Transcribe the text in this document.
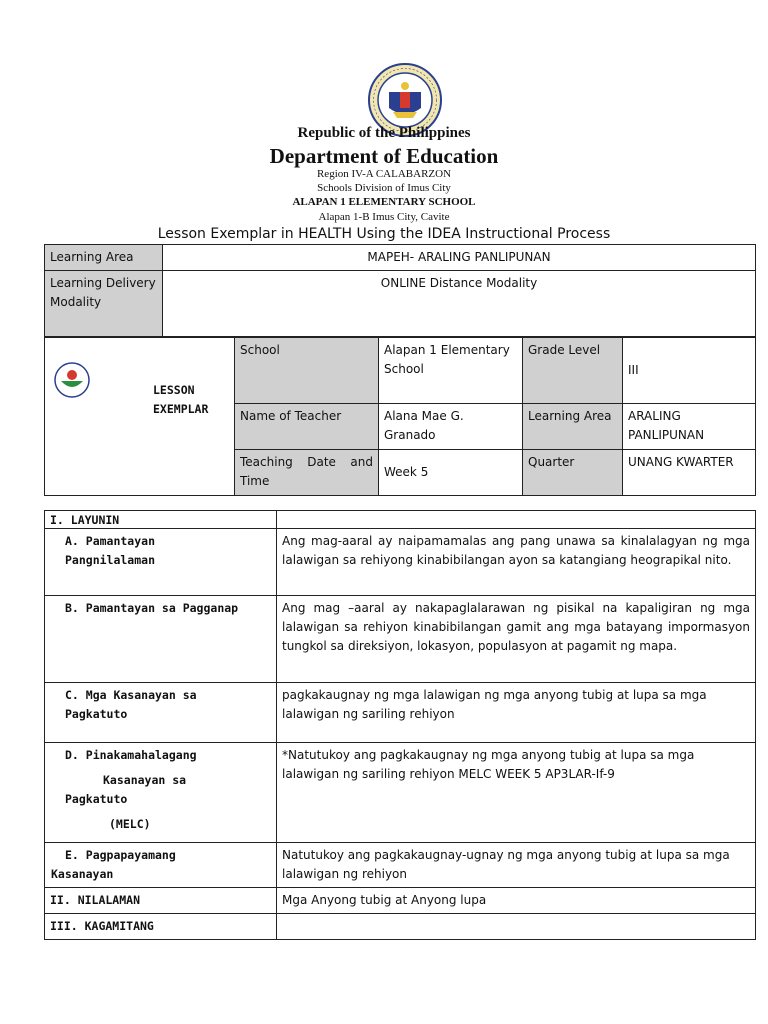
Republic of the Philippines
Department of Education
Region IV-A CALABARZON
Schools Division of Imus City
ALAPAN 1 ELEMENTARY SCHOOL
Alapan 1-B Imus City, Cavite
Lesson Exemplar in HEALTH Using the IDEA Instructional Process
Learning Area	MAPEH- ARALING PANLIPUNAN
Learning Delivery Modality	ONLINE Distance Modality
LESSON
EXEMPLAR	School	Alapan 1 Elementary School	Grade Level	III
	Name of Teacher	Alana Mae G. Granado	Learning Area	ARALING PANLIPUNAN
	Teaching Date and Time	Week 5	Quarter	UNANG KWARTER
I. LAYUNIN	

A. Pamantayan
Pangnilalaman	Ang mag-aaral ay naipamamalas ang pang unawa sa kinalalagyan ng mga lalawigan sa rehiyong kinabibilangan ayon sa katangiang heograpikal nito.
B. Pamantayan sa Pagganap	Ang mag –aaral ay nakapaglalarawan ng pisikal na kapaligiran ng mga lalawigan sa rehiyon kinabibilangan gamit ang mga batayang impormasyon tungkol sa direksiyon, lokasyon, populasyon at pagamit ng mapa.

C. Mga Kasanayan sa
Pagkatuto	pagkakaugnay ng mga lalawigan ng mga anyong tubig at lupa sa mga lalawigan ng sariling rehiyon

D. Pinakamahalagang
Kasanayan sa
Pagkatuto
(MELC)	*Natutukoy ang pagkakaugnay ng mga anyong tubig at lupa sa mga lalawigan ng sariling rehiyon MELC WEEK 5 AP3LAR-If-9

E. Pagpapayamang
Kasanayan	Natutukoy ang pagkakaugnay-ugnay ng mga anyong tubig at lupa sa mga lalawigan ng rehiyon
II. NILALAMAN	Mga Anyong tubig at Anyong lupa
III. KAGAMITANG	
